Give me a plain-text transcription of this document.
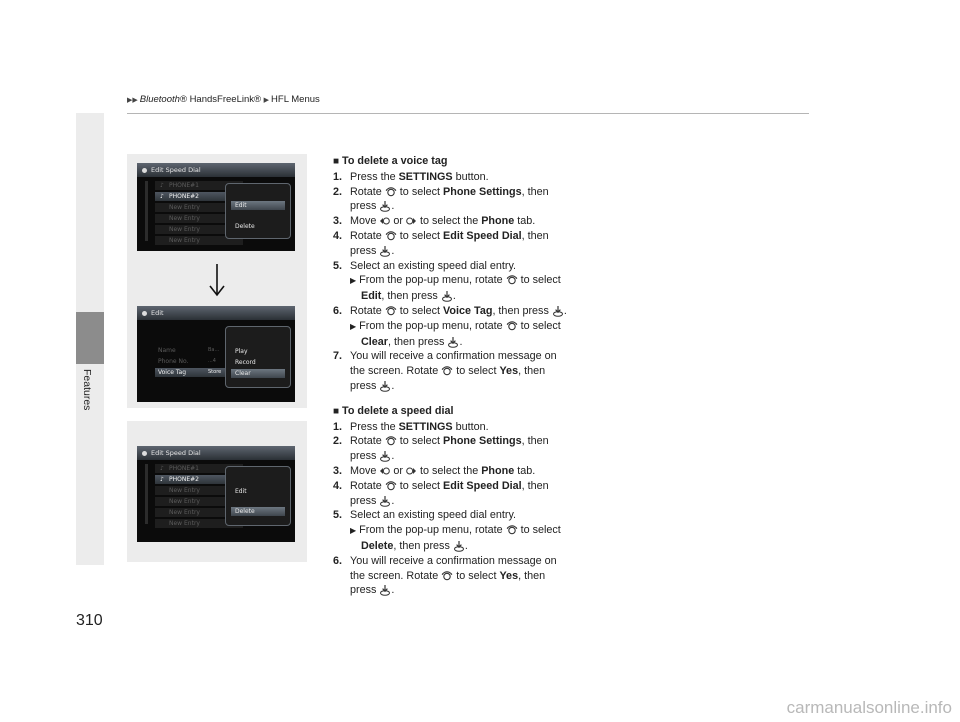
▶▶ Bluetooth® HandsFreeLink® ▶ HFL Menus
Features
310
Edit Speed Dial
♪ PHONE#1
♪ PHONE#2
New Entry
New Entry
New Entry
New Entry
Edit
Delete
Edit
Name	Ba...
Phone No.	...4
Voice Tag	Store
Play
Record
Clear
Edit Speed Dial
♪ PHONE#1
♪ PHONE#2
New Entry
New Entry
New Entry
New Entry
Edit
Delete

■ To delete a voice tag

1. Press the SETTINGS button.

2. Rotate  to select Phone Settings, then press .

3. Move  or  to select the Phone tab.

4. Rotate  to select Edit Speed Dial, then press .

5. Select an existing speed dial entry.

▶ From the pop-up menu, rotate  to select Edit, then press .

6. Rotate  to select Voice Tag, then press .

▶ From the pop-up menu, rotate  to select Clear, then press .

7. You will receive a confirmation message on the screen. Rotate  to select Yes, then press .

■ To delete a speed dial

1. Press the SETTINGS button.

2. Rotate  to select Phone Settings, then press .

3. Move  or  to select the Phone tab.

4. Rotate  to select Edit Speed Dial, then press .

5. Select an existing speed dial entry.

▶ From the pop-up menu, rotate  to select Delete, then press .

6. You will receive a confirmation message on the screen. Rotate  to select Yes, then press .

carmanualsonline.info
